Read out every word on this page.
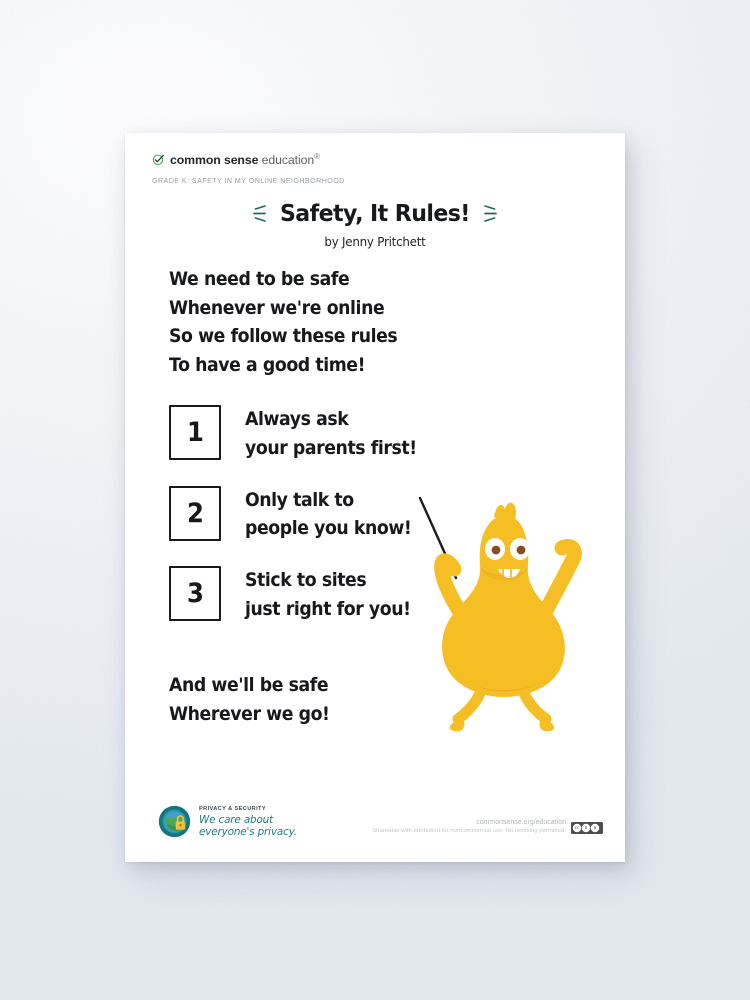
common sense education®
GRADE K: SAFETY IN MY ONLINE NEIGHBORHOOD
Safety, It Rules!
by Jenny Pritchett
We need to be safe
Whenever we're online
So we follow these rules
To have a good time!
1 Always ask
your parents first!
2 Only talk to
people you know!
3 Stick to sites
just right for you!
And we'll be safe
Wherever we go!
PRIVACY & SECURITY
We care about
everyone's privacy.
commonsense.org/education
Shareable with attribution for noncommercial use. No remixing permitted. cc b n
